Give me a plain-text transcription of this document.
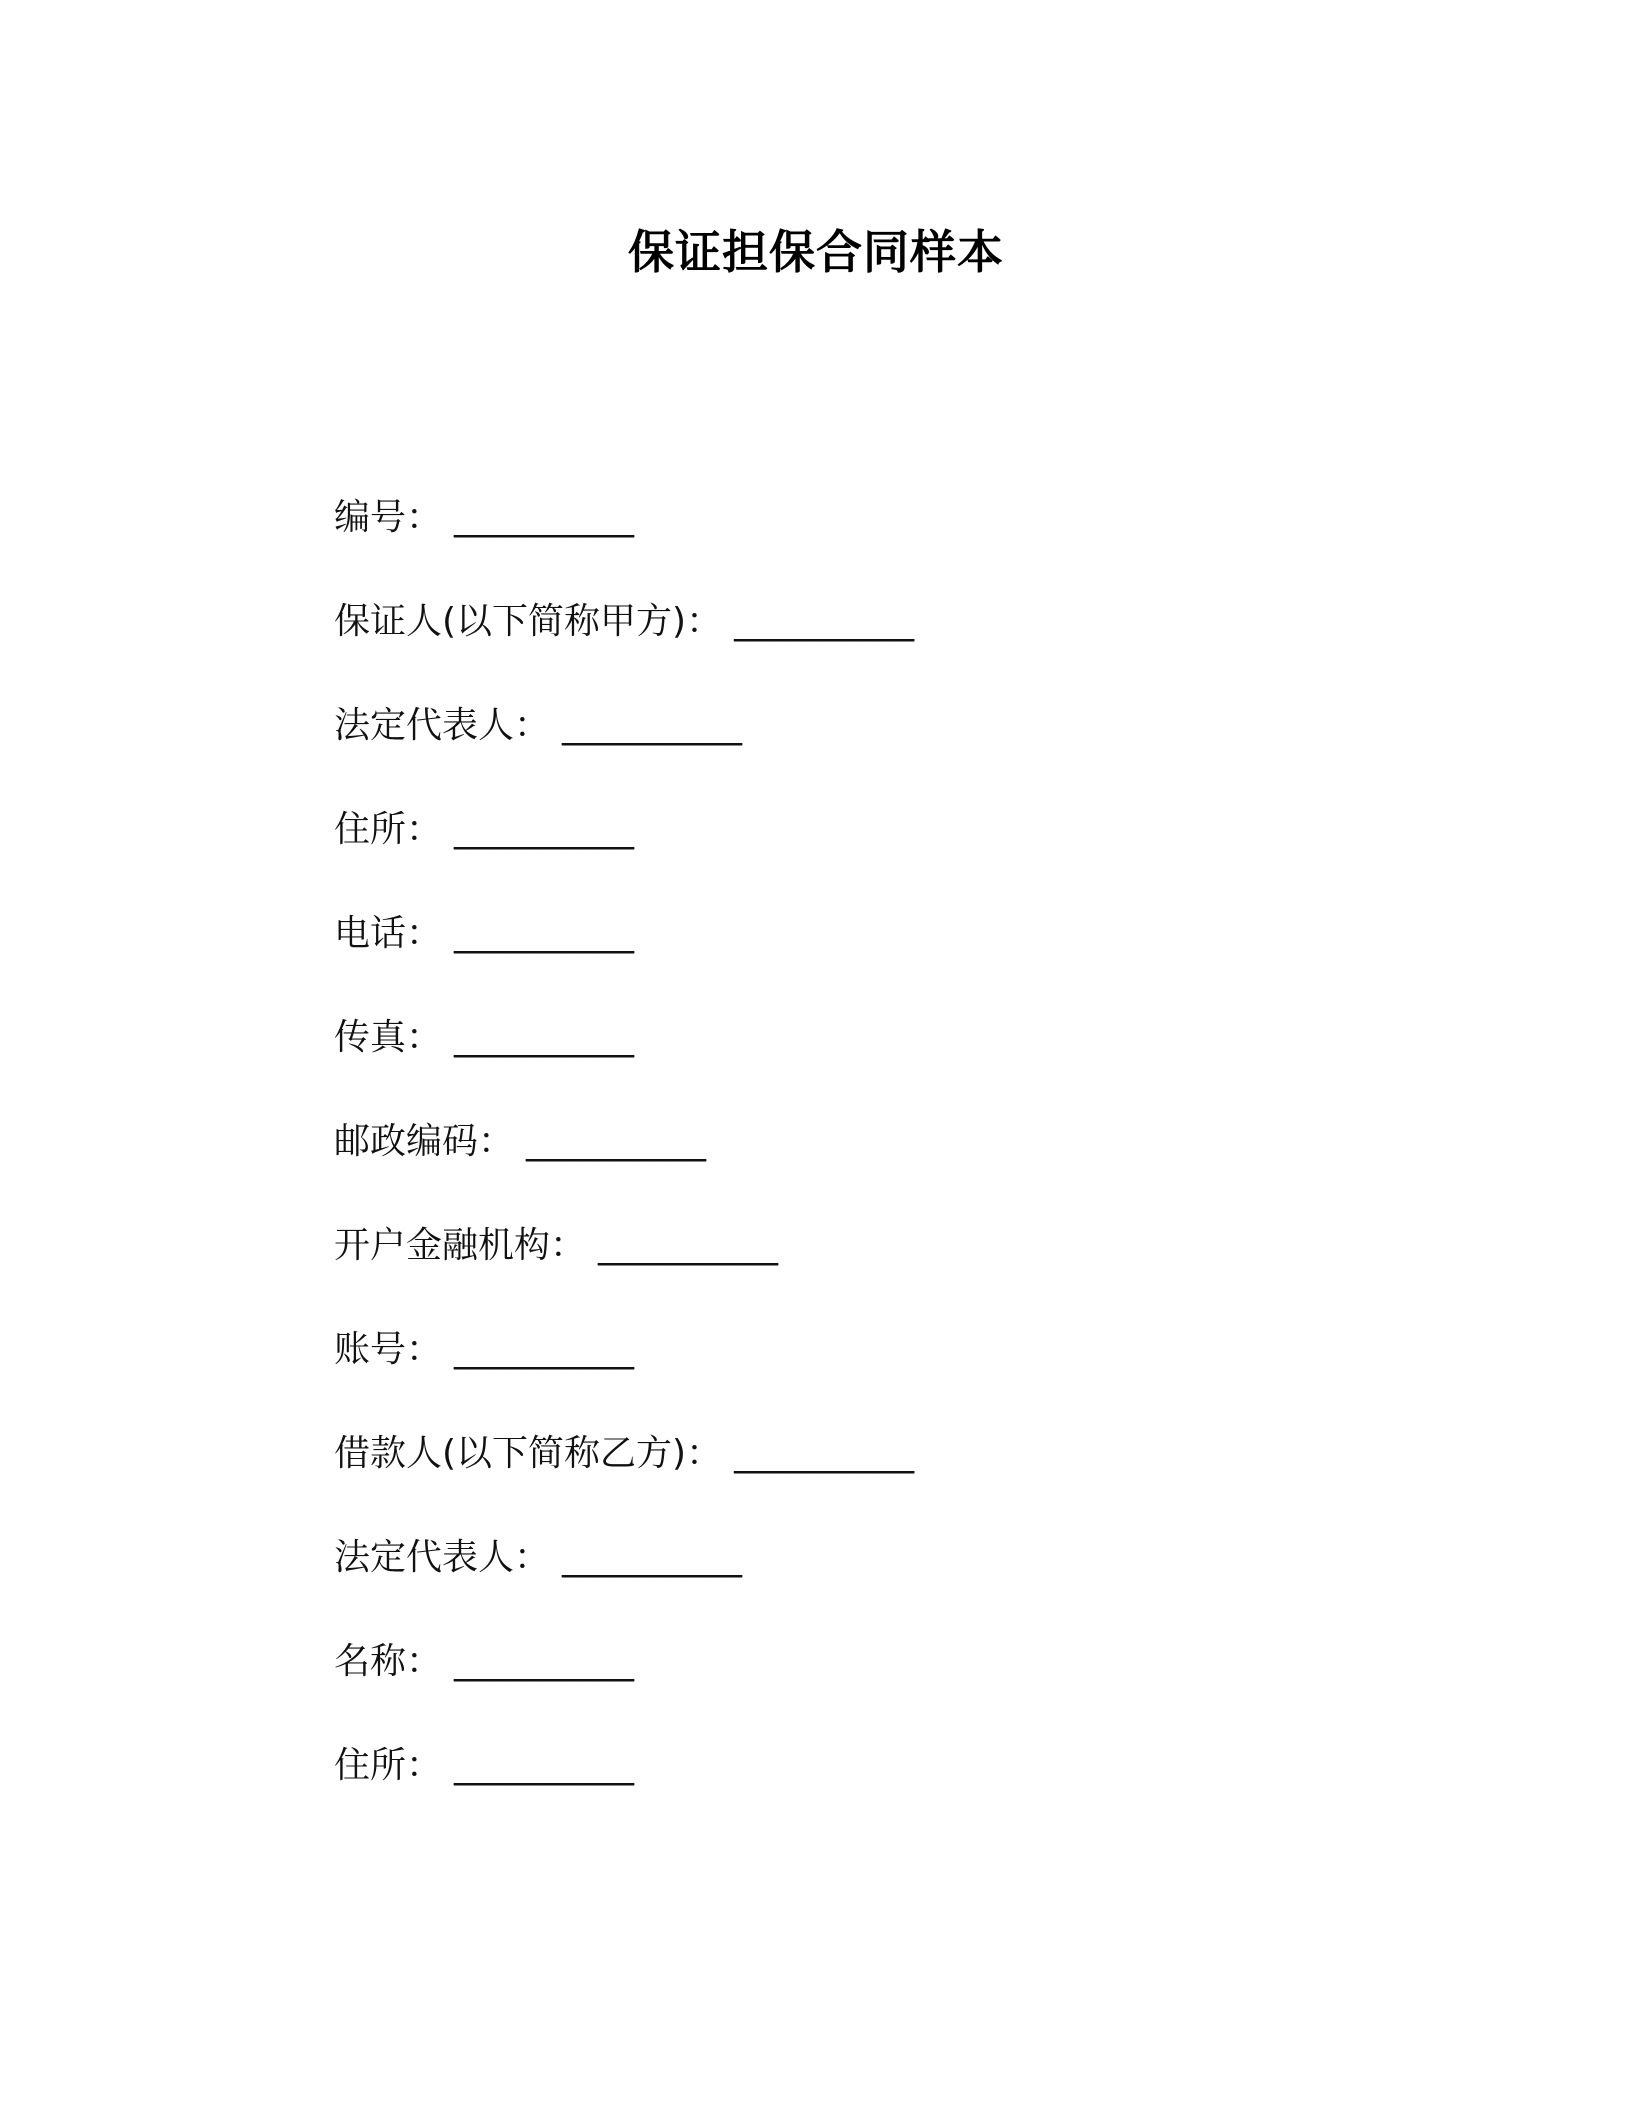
保证担保合同样本
编号： __________
保证人(以下简称甲方)： __________
法定代表人： __________
住所： __________
电话： __________
传真： __________
邮政编码： __________
开户金融机构： __________
账号： __________
借款人(以下简称乙方)： __________
法定代表人： __________
名称： __________
住所： __________
